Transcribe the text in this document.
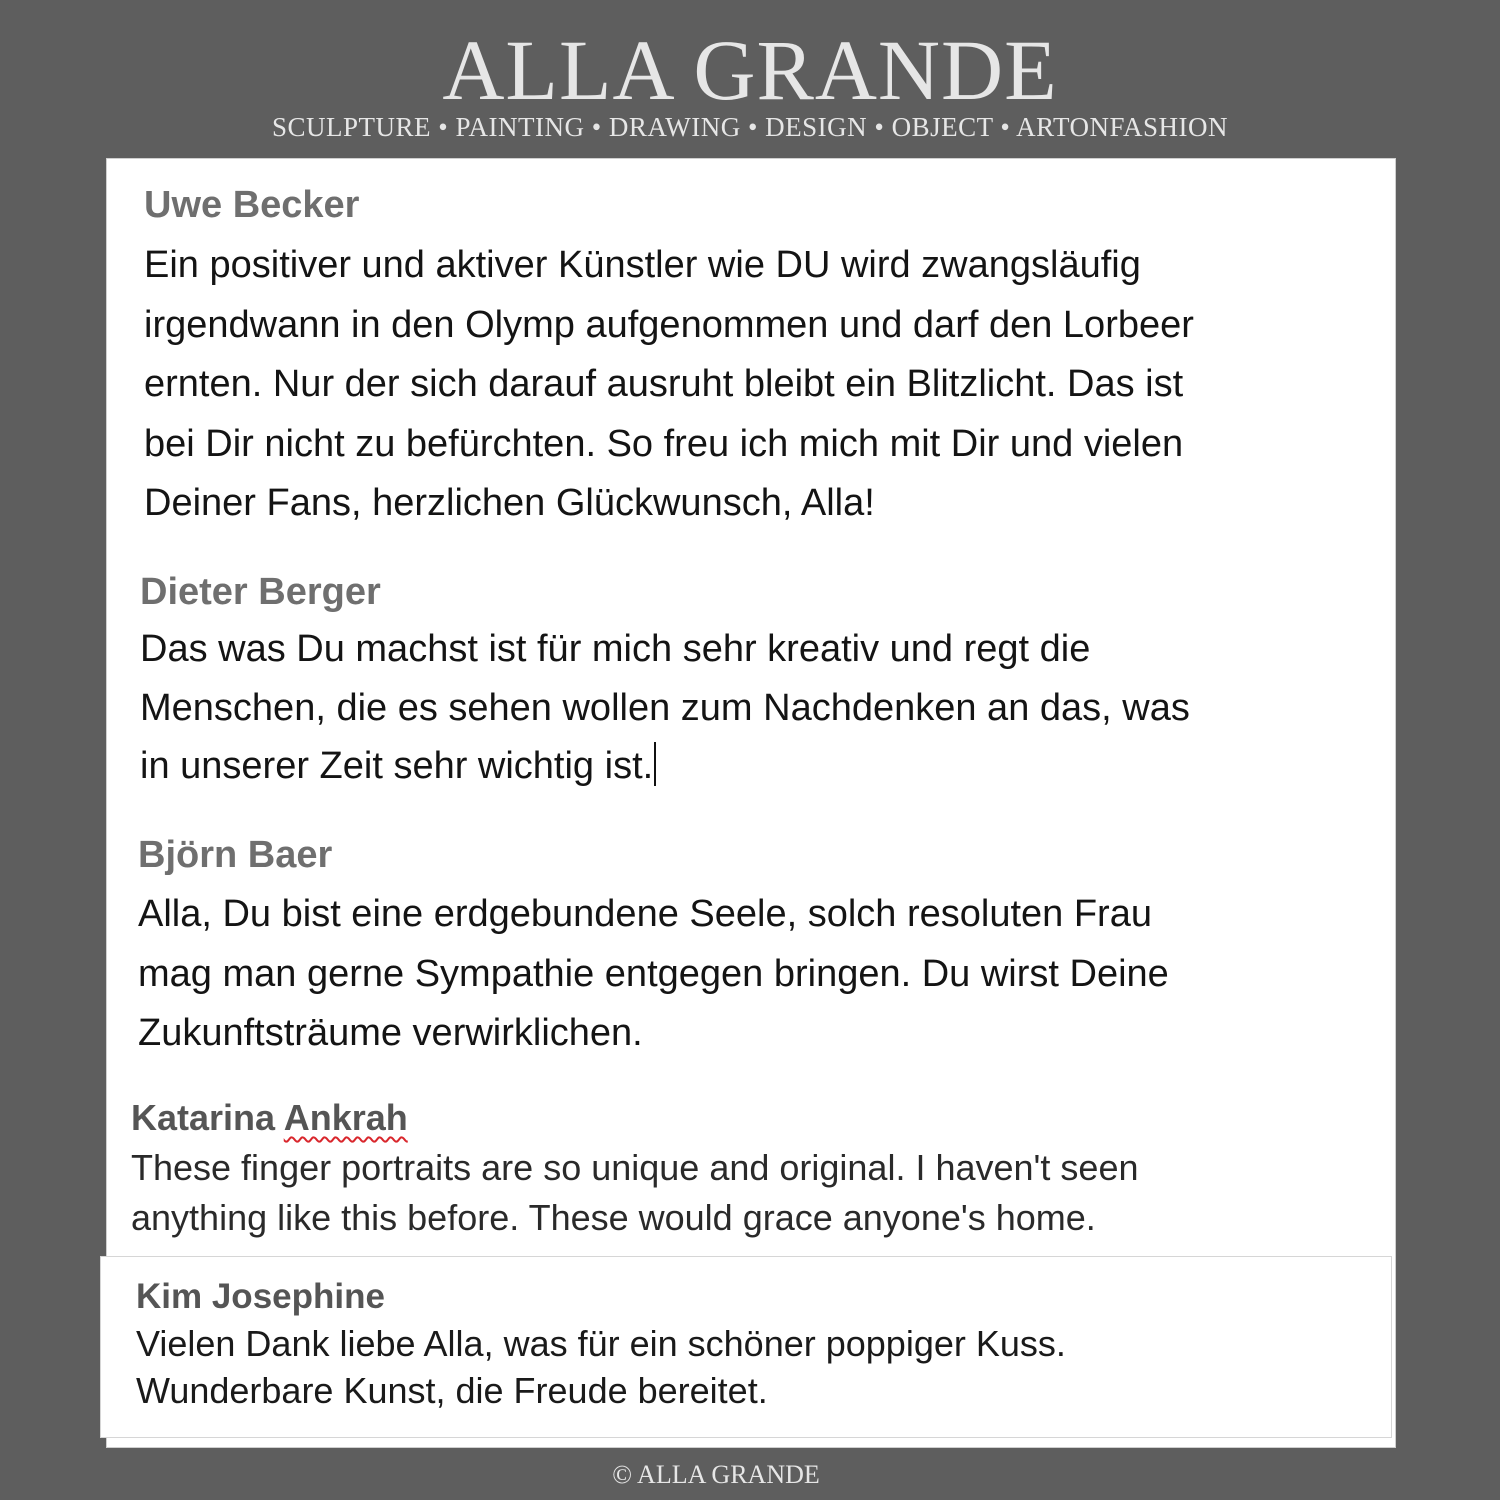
ALLA GRANDE
SCULPTURE • PAINTING • DRAWING • DESIGN • OBJECT • ARTONFASHION
Uwe Becker
Ein positiver und aktiver Künstler wie DU wird zwangsläufig
irgendwann in den Olymp aufgenommen und darf den Lorbeer
ernten. Nur der sich darauf ausruht bleibt ein Blitzlicht. Das ist
bei Dir nicht zu befürchten. So freu ich mich mit Dir und vielen
Deiner Fans, herzlichen Glückwunsch, Alla!
Dieter Berger
Das was Du machst ist für mich sehr kreativ und regt die
Menschen, die es sehen wollen zum Nachdenken an das, was
in unserer Zeit sehr wichtig ist.
Björn Baer
Alla, Du bist eine erdgebundene Seele, solch resoluten Frau
mag man gerne Sympathie entgegen bringen. Du wirst Deine
Zukunftsträume verwirklichen.
Katarina Ankrah
These finger portraits are so unique and original. I haven't seen
anything like this before. These would grace anyone's home.
Kim Josephine
Vielen Dank liebe Alla, was für ein schöner poppiger Kuss.
Wunderbare Kunst, die Freude bereitet.
© ALLA GRANDE
